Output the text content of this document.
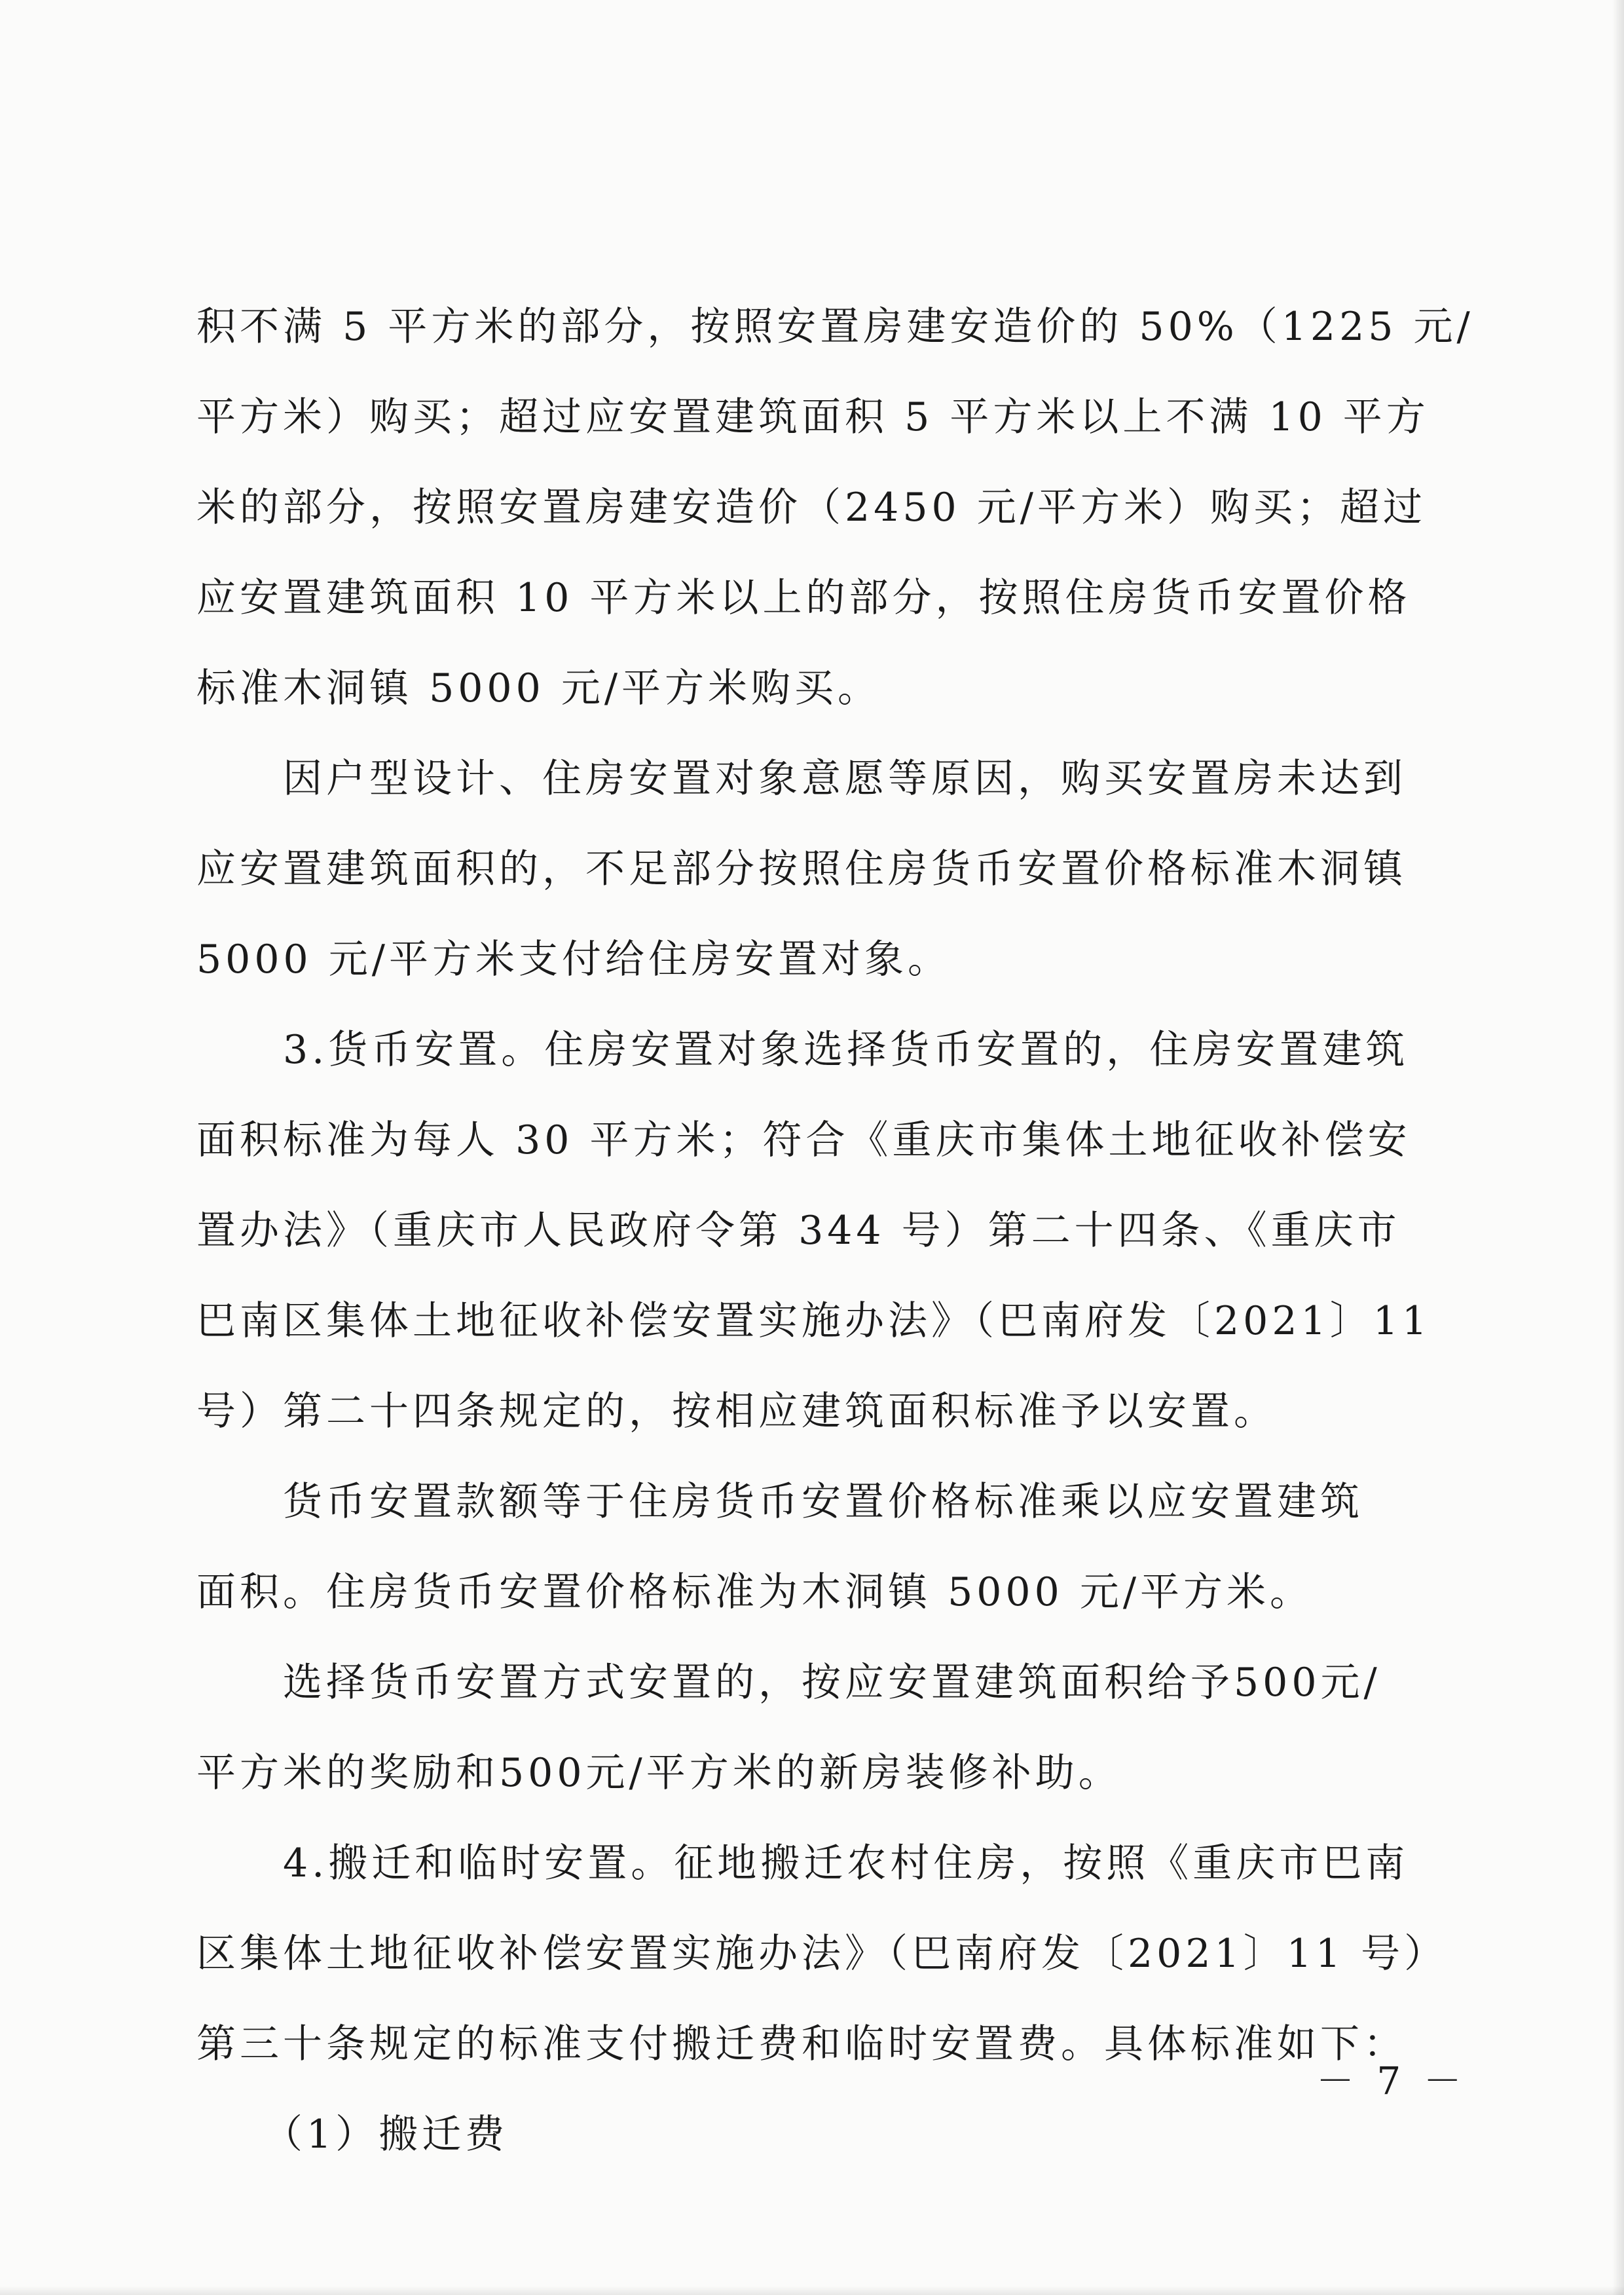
积不满 5 平方米的部分，按照安置房建安造价的 50%（1225 元/
平方米）购买；超过应安置建筑面积 5 平方米以上不满 10 平方
米的部分，按照安置房建安造价（2450 元/平方米）购买；超过
应安置建筑面积 10 平方米以上的部分，按照住房货币安置价格
标准木洞镇 5000 元/平方米购买。
　　因户型设计、住房安置对象意愿等原因，购买安置房未达到
应安置建筑面积的，不足部分按照住房货币安置价格标准木洞镇
5000 元/平方米支付给住房安置对象。
　　3.货币安置。住房安置对象选择货币安置的，住房安置建筑
面积标准为每人 30 平方米；符合《重庆市集体土地征收补偿安
置办法》（重庆市人民政府令第 344 号）第二十四条、《重庆市
巴南区集体土地征收补偿安置实施办法》（巴南府发〔2021〕11
号）第二十四条规定的，按相应建筑面积标准予以安置。
　　货币安置款额等于住房货币安置价格标准乘以应安置建筑
面积。住房货币安置价格标准为木洞镇 5000 元/平方米。
　　选择货币安置方式安置的，按应安置建筑面积给予500元/
平方米的奖励和500元/平方米的新房装修补助。
　　4.搬迁和临时安置。征地搬迁农村住房，按照《重庆市巴南
区集体土地征收补偿安置实施办法》（巴南府发〔2021〕11 号）
第三十条规定的标准支付搬迁费和临时安置费。具体标准如下：
　　（1）搬迁费
－ 7 －
